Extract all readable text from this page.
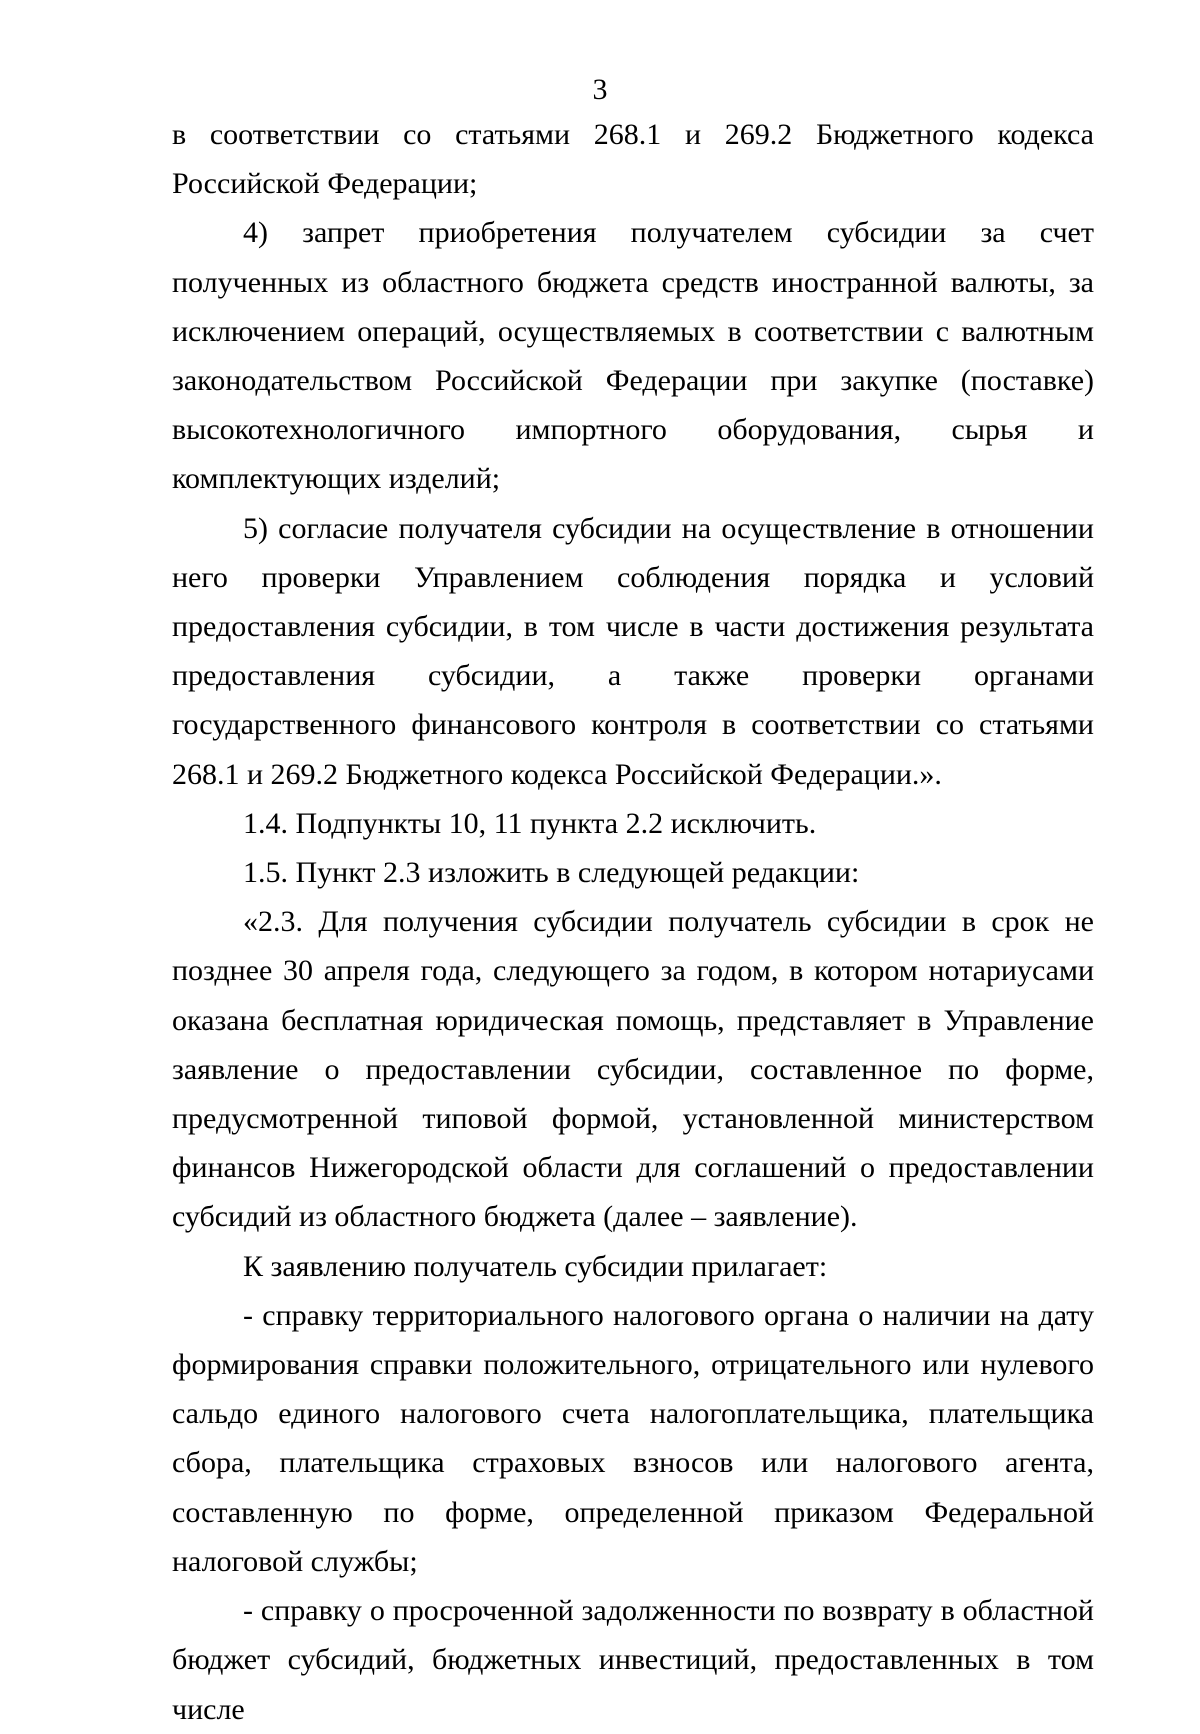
3

в соответствии со статьями 268.1 и 269.2 Бюджетного кодекса Российской Федерации;

4) запрет приобретения получателем субсидии за счет полученных из областного бюджета средств иностранной валюты, за исключением операций, осуществляемых в соответствии с валютным законодательством Российской Федерации при закупке (поставке) высокотехнологичного импортного оборудования, сырья и комплектующих изделий;

5) согласие получателя субсидии на осуществление в отношении него проверки Управлением соблюдения порядка и условий предоставления субсидии, в том числе в части достижения результата предоставления субсидии, а также проверки органами государственного финансового контроля в соответствии со статьями 268.1 и 269.2 Бюджетного кодекса Российской Федерации.».

1.4. Подпункты 10, 11 пункта 2.2 исключить.

1.5. Пункт 2.3 изложить в следующей редакции:

«2.3. Для получения субсидии получатель субсидии в срок не позднее 30 апреля года, следующего за годом, в котором нотариусами оказана бесплатная юридическая помощь, представляет в Управление заявление о предоставлении субсидии, составленное по форме, предусмотренной типовой формой, установленной министерством финансов Нижегородской области для соглашений о предоставлении субсидий из областного бюджета (далее – заявление).

К заявлению получатель субсидии прилагает:

- справку территориального налогового органа о наличии на дату формирования справки положительного, отрицательного или нулевого сальдо единого налогового счета налогоплательщика, плательщика сбора, плательщика страховых взносов или налогового агента, составленную по форме, определенной приказом Федеральной налоговой службы;

- справку о просроченной задолженности по возврату в областной бюджет субсидий, бюджетных инвестиций, предоставленных в том числе
